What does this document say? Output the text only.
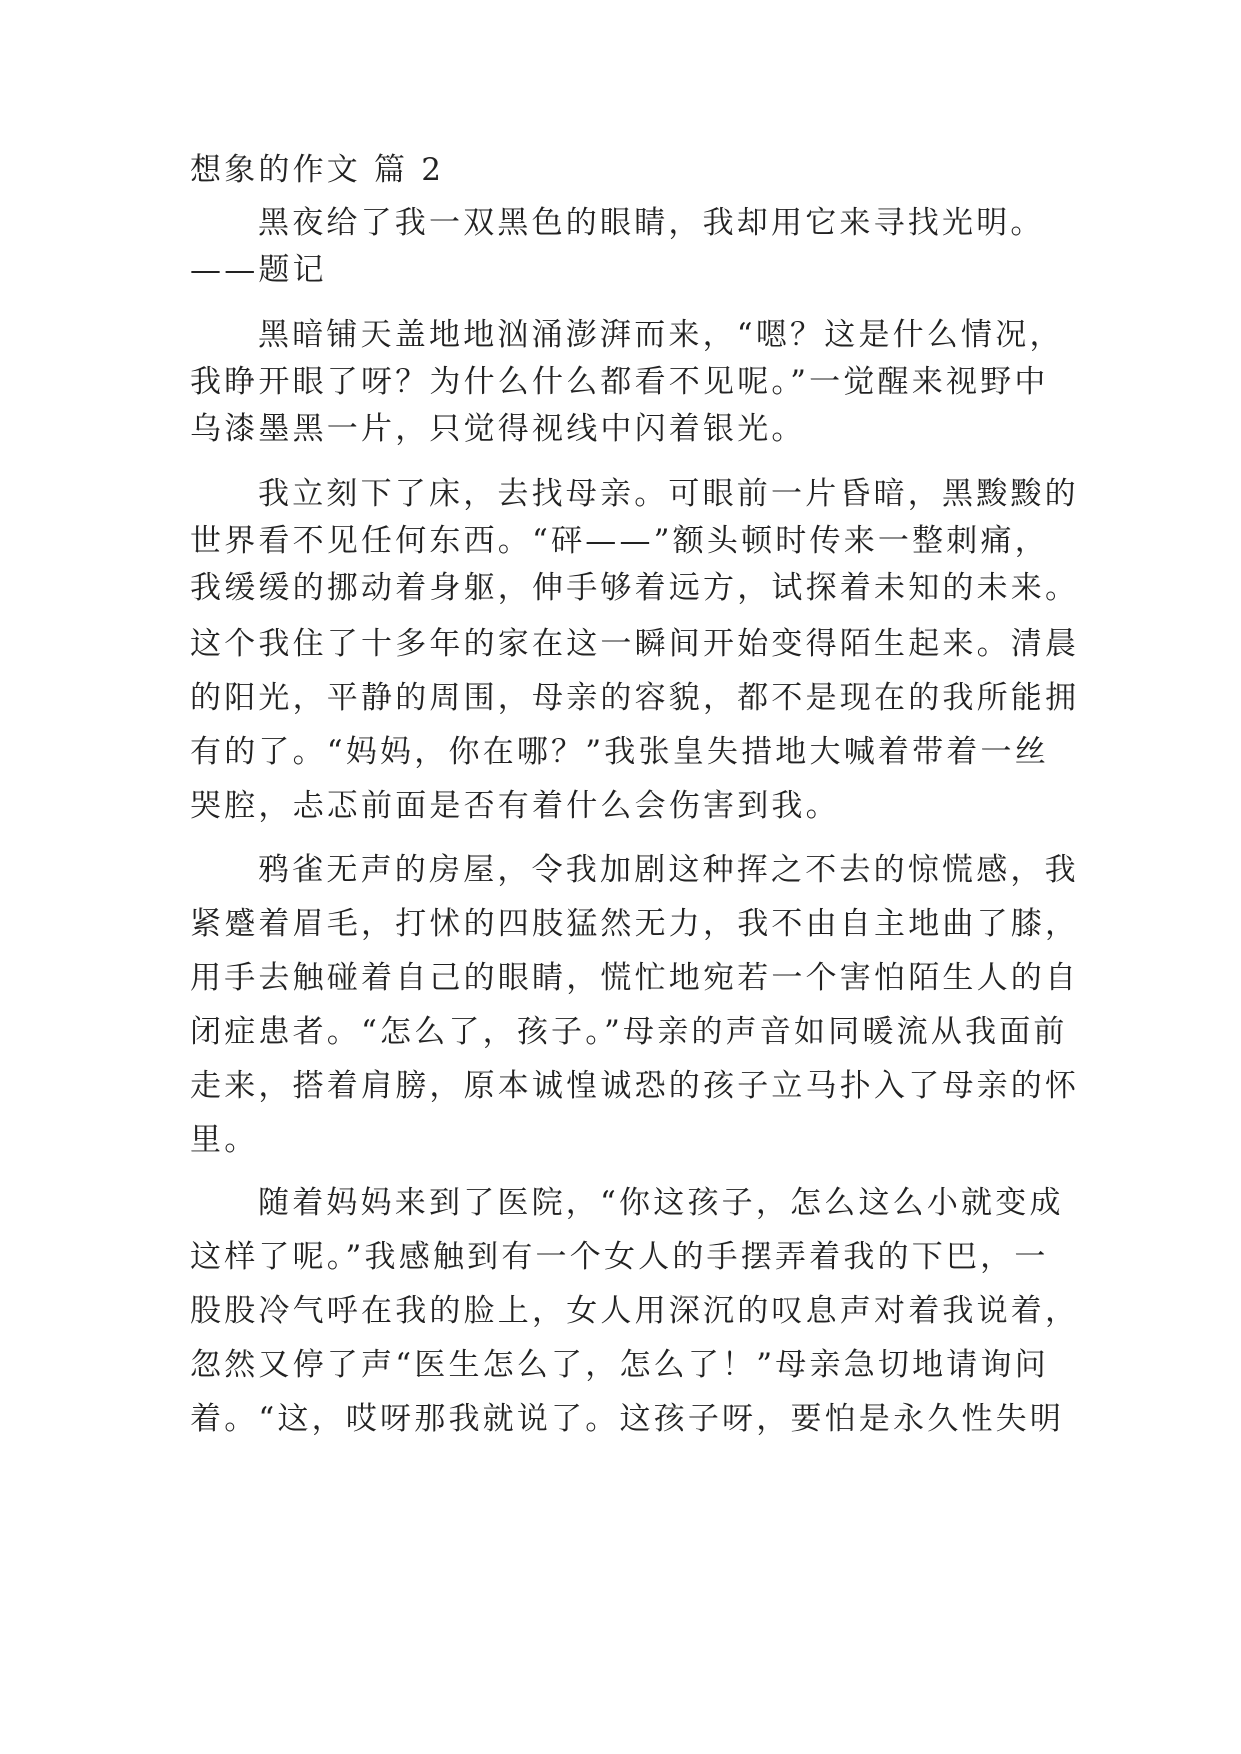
想象的作文 篇 2
黑夜给了我一双黑色的眼睛，我却用它来寻找光明。
——题记
黑暗铺天盖地地汹涌澎湃而来，“嗯？这是什么情况，
我睁开眼了呀？为什么什么都看不见呢。”一觉醒来视野中
乌漆墨黑一片，只觉得视线中闪着银光。
我立刻下了床，去找母亲。可眼前一片昏暗，黑黢黢的
世界看不见任何东西。“砰——”额头顿时传来一整刺痛，
我缓缓的挪动着身躯，伸手够着远方，试探着未知的未来。
这个我住了十多年的家在这一瞬间开始变得陌生起来。清晨
的阳光，平静的周围，母亲的容貌，都不是现在的我所能拥
有的了。“妈妈，你在哪？”我张皇失措地大喊着带着一丝
哭腔，忐忑前面是否有着什么会伤害到我。
鸦雀无声的房屋，令我加剧这种挥之不去的惊慌感，我
紧蹙着眉毛，打怵的四肢猛然无力，我不由自主地曲了膝，
用手去触碰着自己的眼睛，慌忙地宛若一个害怕陌生人的自
闭症患者。“怎么了，孩子。”母亲的声音如同暖流从我面前
走来，搭着肩膀，原本诚惶诚恐的孩子立马扑入了母亲的怀
里。
随着妈妈来到了医院，“你这孩子，怎么这么小就变成
这样了呢。”我感触到有一个女人的手摆弄着我的下巴，一
股股冷气呼在我的脸上，女人用深沉的叹息声对着我说着，
忽然又停了声“医生怎么了，怎么了！”母亲急切地请询问
着。“这，哎呀那我就说了。这孩子呀，要怕是永久性失明
